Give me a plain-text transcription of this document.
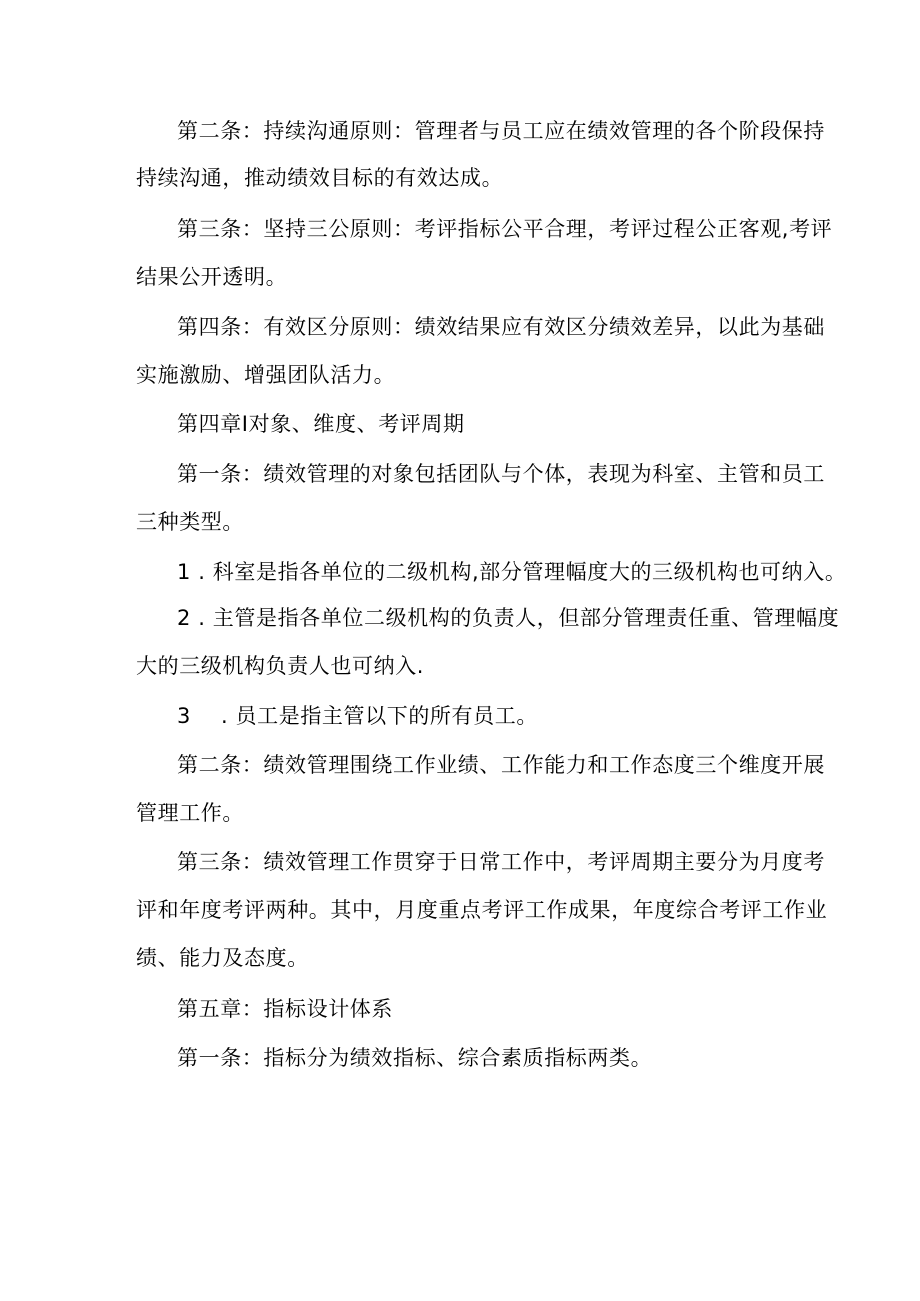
第二条：持续沟通原则：管理者与员工应在绩效管理的各个阶段保持
持续沟通，推动绩效目标的有效达成。
第三条：坚持三公原则：考评指标公平合理，考评过程公正客观,考评
结果公开透明。
第四条：有效区分原则：绩效结果应有效区分绩效差异，以此为基础
实施激励、增强团队活力。
第四章I对象、维度、考评周期
第一条：绩效管理的对象包括团队与个体，表现为科室、主管和员工
三种类型。
1 . 科室是指各单位的二级机构,部分管理幅度大的三级机构也可纳入。
2 . 主管是指各单位二级机构的负责人，但部分管理责任重、管理幅度
大的三级机构负责人也可纳入.
3 . 员工是指主管以下的所有员工。
第二条：绩效管理围绕工作业绩、工作能力和工作态度三个维度开展
管理工作。
第三条：绩效管理工作贯穿于日常工作中，考评周期主要分为月度考
评和年度考评两种。其中，月度重点考评工作成果，年度综合考评工作业
绩、能力及态度。
第五章：指标设计体系
第一条：指标分为绩效指标、综合素质指标两类。
